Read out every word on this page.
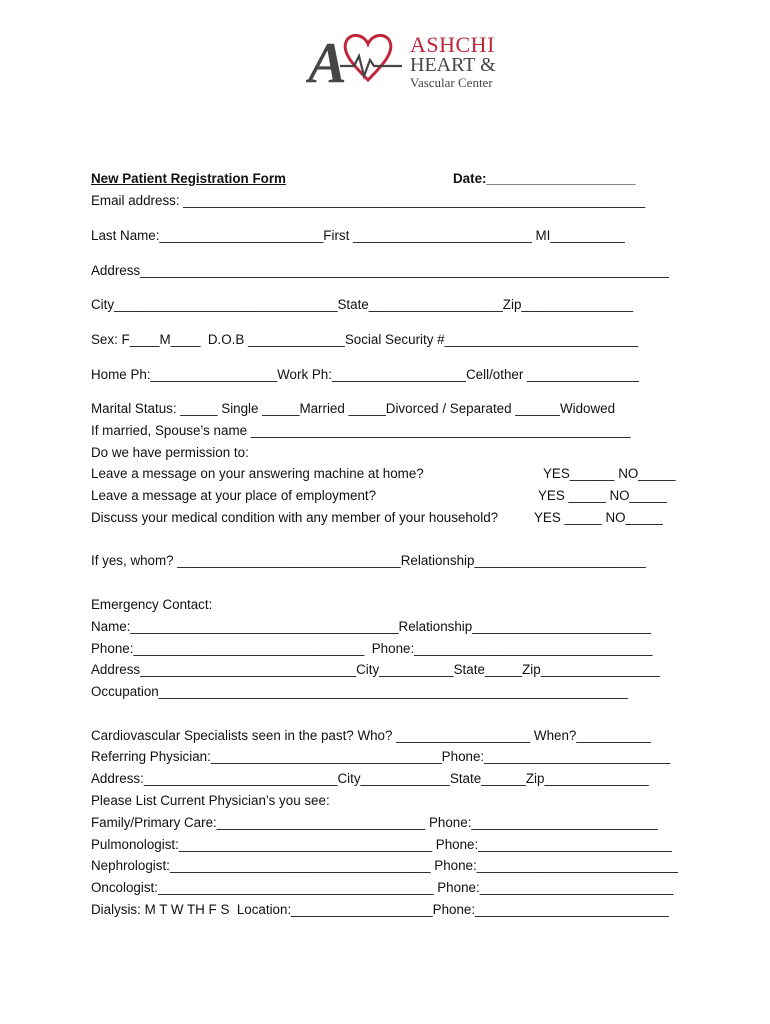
A	ASHCHI
HEART &
Vascular Center
New Patient Registration Form	Date:____________________
Email address: ______________________________________________________________
Last Name:______________________First ________________________ MI__________
Address_______________________________________________________________________
City______________________________State__________________Zip_______________
Sex: F____M____  D.O.B _____________Social Security #__________________________
Home Ph:_________________Work Ph:__________________Cell/other _______________
Marital Status: _____ Single _____Married _____Divorced / Separated ______Widowed
If married, Spouse’s name ___________________________________________________
Do we have permission to:
Leave a message on your answering machine at home?	YES______ NO_____
Leave a message at your place of employment?	YES _____ NO_____
Discuss your medical condition with any member of your household?	YES _____ NO_____
If yes, whom? ______________________________Relationship_______________________
Emergency Contact:
Name:____________________________________Relationship________________________
Phone:_______________________________  Phone:________________________________
Address_____________________________City__________State_____Zip________________
Occupation_______________________________________________________________
Cardiovascular Specialists seen in the past? Who? __________________ When?__________
Referring Physician:_______________________________Phone:_________________________
Address:__________________________City____________State______Zip______________
Please List Current Physician’s you see:
Family/Primary Care:____________________________ Phone:_________________________
Pulmonologist:__________________________________ Phone:__________________________
Nephrologist:___________________________________ Phone:___________________________
Oncologist:_____________________________________ Phone:__________________________
Dialysis: M T W TH F S  Location:___________________Phone:__________________________
